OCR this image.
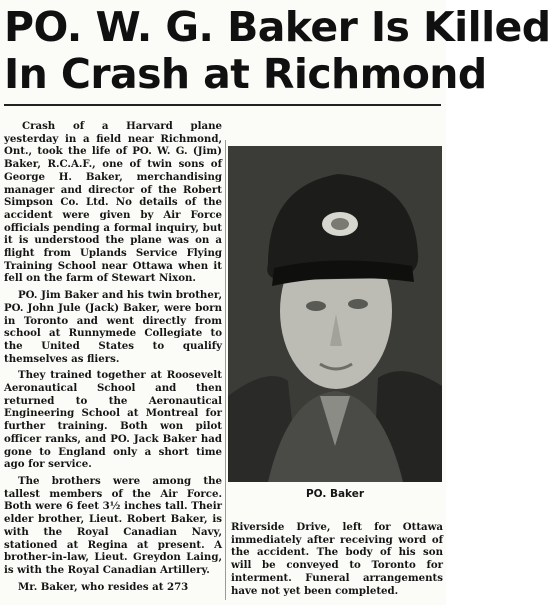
PO. W. G. Baker Is Killed
In Crash at Richmond

Crash of a Harvard plane yesterday in a field near Richmond, Ont., took the life of PO. W. G. (Jim) Baker, R.C.A.F., one of twin sons of George H. Baker, merchandising manager and director of the Robert Simpson Co. Ltd. No details of the accident were given by Air Force officials pending a formal inquiry, but it is understood the plane was on a flight from Uplands Service Flying Training School near Ottawa when it fell on the farm of Stewart Nixon.

PO. Jim Baker and his twin brother, PO. John Jule (Jack) Baker, were born in Toronto and went directly from school at Runnymede Collegiate to the United States to qualify themselves as fliers.

They trained together at Roosevelt Aeronautical School and then returned to the Aeronautical Engineering School at Montreal for further training. Both won pilot officer ranks, and PO. Jack Baker had gone to England only a short time ago for service.

The brothers were among the tallest members of the Air Force. Both were 6 feet 3½ inches tall. Their elder brother, Lieut. Robert Baker, is with the Royal Canadian Navy, stationed at Regina at present. A brother-in-law, Lieut. Greydon Laing, is with the Royal Canadian Artillery.

Mr. Baker, who resides at 273

PO. Baker

Riverside Drive, left for Ottawa immediately after receiving word of the accident. The body of his son will be conveyed to Toronto for interment. Funeral arrangements have not yet been completed.
